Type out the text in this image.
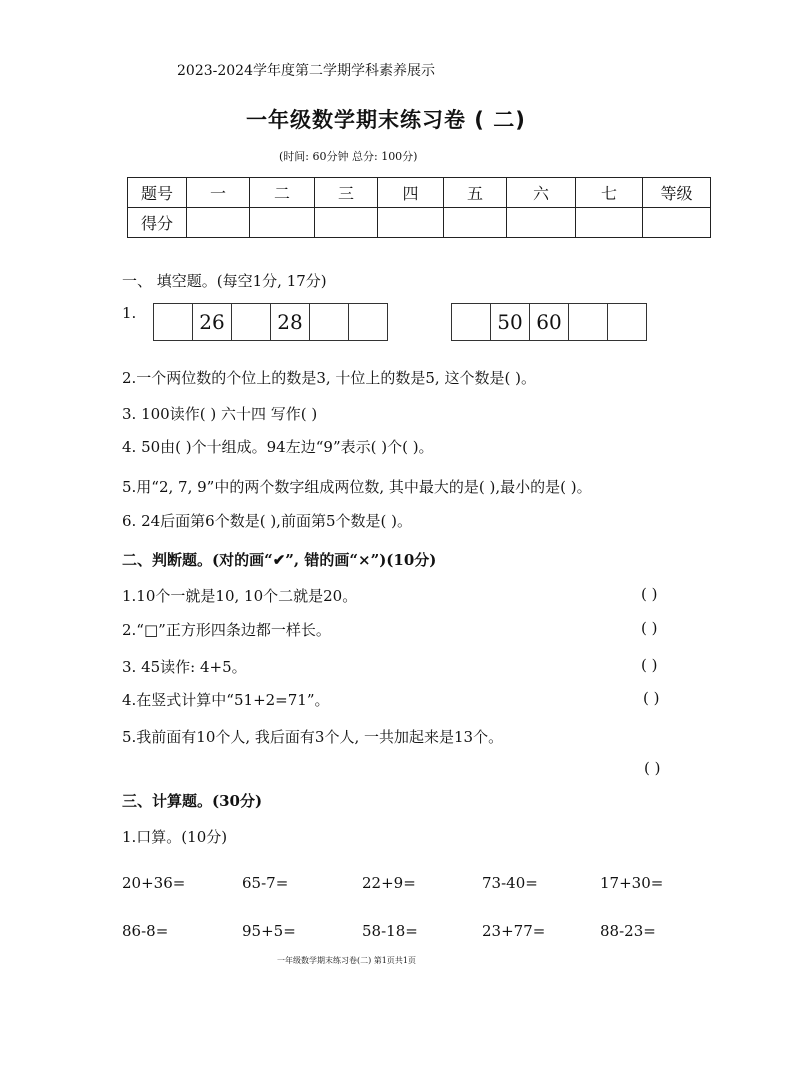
2023-2024学年度第二学期学科素养展示
一年级数学期末练习卷 ( 二)
(时间: 60分钟 总分: 100分)
题号	一	二	三	四	五	六	七	等级
得分								
一、 填空题。(每空1分, 17分)
1.	26	28	50 60
2.一个两位数的个位上的数是3, 十位上的数是5, 这个数是( )。
3. 100读作( ) 六十四 写作( )
4. 50由( )个十组成。94左边“9”表示( )个( )。
5.用“2, 7, 9”中的两个数字组成两位数, 其中最大的是( ),最小的是( )。
6. 24后面第6个数是( ),前面第5个数是( )。
二、判断题。(对的画“✔”, 错的画“×”)(10分)
1.10个一就是10, 10个二就是20。	( )
2.“□”正方形四条边都一样长。	( )
3. 45读作: 4+5。	( )
4.在竖式计算中“51+2=71”。	( )
5.我前面有10个人, 我后面有3个人, 一共加起来是13个。
( )
三、计算题。(30分)
1.口算。(10分)
20+36=	65-7=	22+9=	73-40=	17+30=
86-8=	95+5=	58-18=	23+77=	88-23=
一年级数学期末练习卷(二) 第1页共1页
